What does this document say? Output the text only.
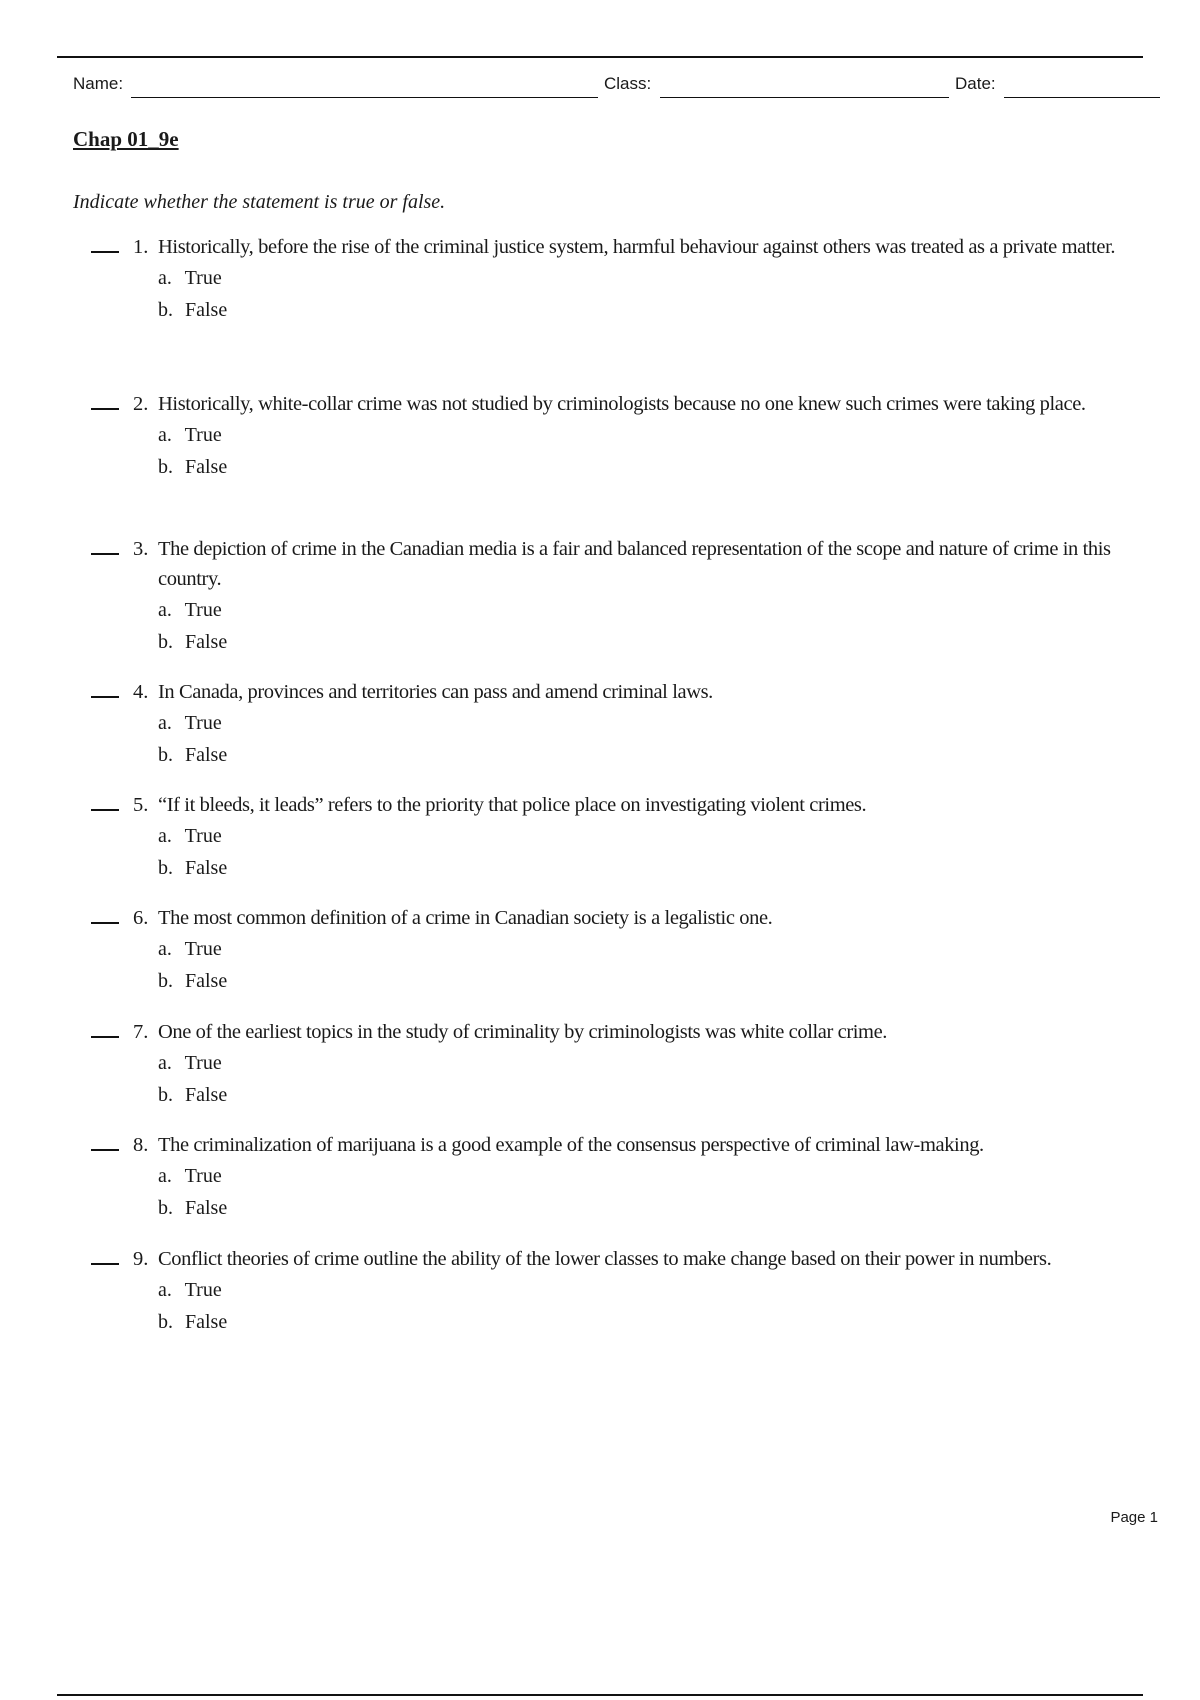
Name:	Class:	Date:
Chap 01_9e
Indicate whether the statement is true or false.
1. Historically, before the rise of the criminal justice system, harmful behaviour against others was treated as a private matter.
a. True
b. False
2. Historically, white-collar crime was not studied by criminologists because no one knew such crimes were taking place.
a. True
b. False
3. The depiction of crime in the Canadian media is a fair and balanced representation of the scope and nature of crime in this country.
a. True
b. False
4. In Canada, provinces and territories can pass and amend criminal laws.
a. True
b. False
5. “If it bleeds, it leads” refers to the priority that police place on investigating violent crimes.
a. True
b. False
6. The most common definition of a crime in Canadian society is a legalistic one.
a. True
b. False
7. One of the earliest topics in the study of criminality by criminologists was white collar crime.
a. True
b. False
8. The criminalization of marijuana is a good example of the consensus perspective of criminal law-making.
a. True
b. False
9. Conflict theories of crime outline the ability of the lower classes to make change based on their power in numbers.
a. True
b. False
Page 1
